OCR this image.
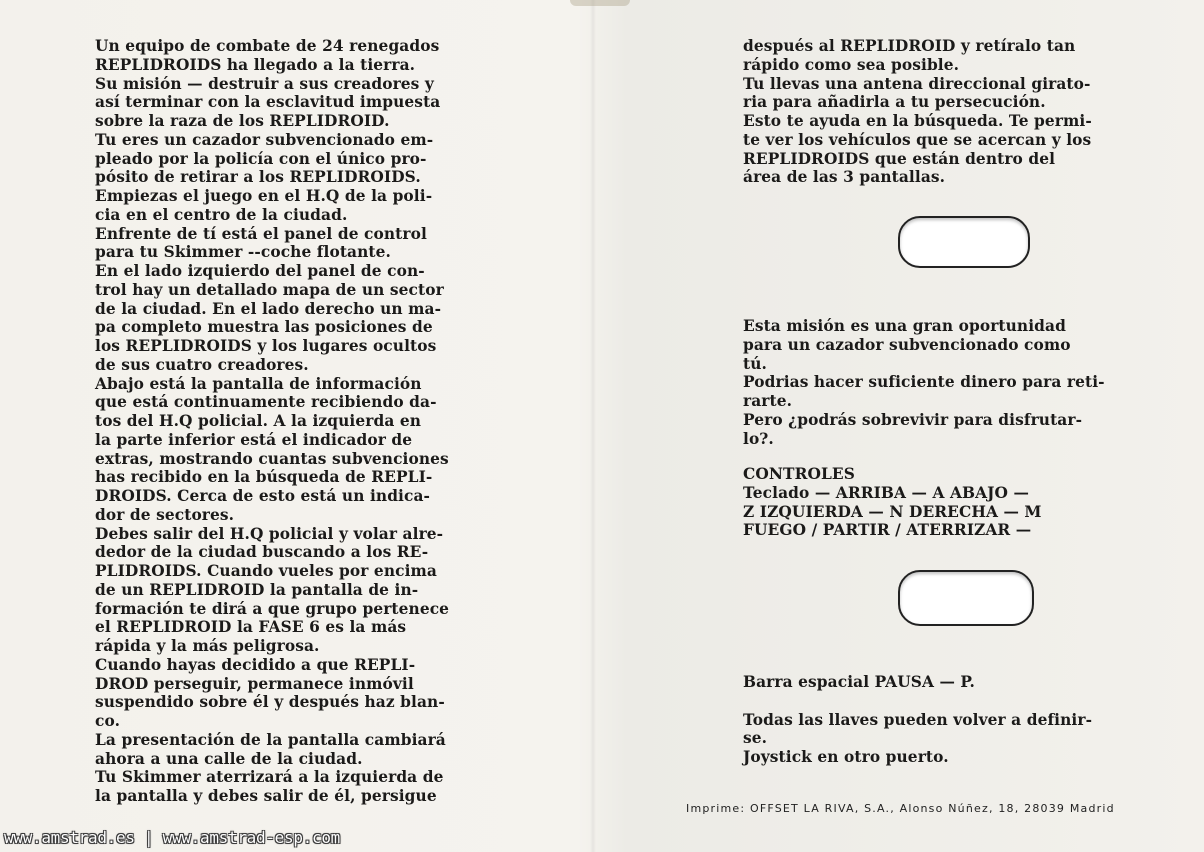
Un equipo de combate de 24 renegados
REPLIDROIDS ha llegado a la tierra.
Su misión — destruir a sus creadores y
así terminar con la esclavitud impuesta
sobre la raza de los REPLIDROID.
Tu eres un cazador subvencionado em-
pleado por la policía con el único pro-
pósito de retirar a los REPLIDROIDS.
Empiezas el juego en el H.Q de la poli-
cia en el centro de la ciudad.
Enfrente de tí está el panel de control
para tu Skimmer --coche flotante.
En el lado izquierdo del panel de con-
trol hay un detallado mapa de un sector
de la ciudad. En el lado derecho un ma-
pa completo muestra las posiciones de
los REPLIDROIDS y los lugares ocultos
de sus cuatro creadores.
Abajo está la pantalla de información
que está continuamente recibiendo da-
tos del H.Q policial. A la izquierda en
la parte inferior está el indicador de
extras, mostrando cuantas subvenciones
has recibido en la búsqueda de REPLI-
DROIDS. Cerca de esto está un indica-
dor de sectores.
Debes salir del H.Q policial y volar alre-
dedor de la ciudad buscando a los RE-
PLIDROIDS. Cuando vueles por encima
de un REPLIDROID la pantalla de in-
formación te dirá a que grupo pertenece
el REPLIDROID la FASE 6 es la más
rápida y la más peligrosa.
Cuando hayas decidido a que REPLI-
DROD perseguir, permanece inmóvil
suspendido sobre él y después haz blan-
co.
La presentación de la pantalla cambiará
ahora a una calle de la ciudad.
Tu Skimmer aterrizará a la izquierda de
la pantalla y debes salir de él, persigue
después al REPLIDROID y retíralo tan
rápido como sea posible.
Tu llevas una antena direccional girato-
ria para añadirla a tu persecución.
Esto te ayuda en la búsqueda. Te permi-
te ver los vehículos que se acercan y los
REPLIDROIDS que están dentro del
área de las 3 pantallas.
Esta misión es una gran oportunidad
para un cazador subvencionado como
tú.
Podrias hacer suficiente dinero para reti-
rarte.
Pero ¿podrás sobrevivir para disfrutar-
lo?.
CONTROLES
Teclado — ARRIBA — A ABAJO —
Z IZQUIERDA — N DERECHA — M
FUEGO / PARTIR / ATERRIZAR —
Barra espacial PAUSA — P.
Todas las llaves pueden volver a definir-
se.
Joystick en otro puerto.
Imprime: OFFSET LA RIVA, S.A., Alonso Núñez, 18, 28039 Madrid
www.amstrad.es | www.amstrad-esp.com
